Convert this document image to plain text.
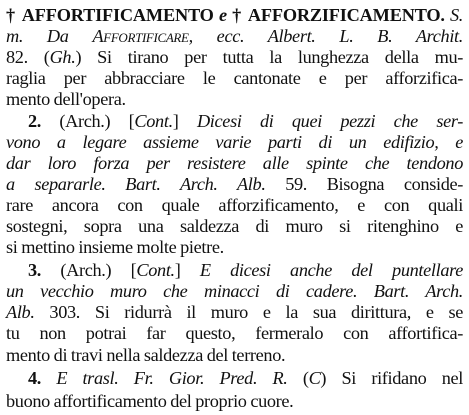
† AFFORTIFICAMENTO e † AFFORZIFICAMENTO. S.
m. Da Affortificare, ecc. Albert. L. B. Archit.
82. (Gh.) Si tirano per tutta la lunghezza della mu-
raglia per abbracciare le cantonate e per afforzifica-
mento dell'opera.
2. (Arch.) [Cont.] Dicesi di quei pezzi che ser-
vono a legare assieme varie parti di un edifizio, e
dar loro forza per resistere alle spinte che tendono
a separarle. Bart. Arch. Alb. 59. Bisogna conside-
rare ancora con quale afforzificamento, e con quali
sostegni, sopra una saldezza di muro si ritenghino e
si mettino insieme molte pietre.
3. (Arch.) [Cont.] E dicesi anche del puntellare
un vecchio muro che minacci di cadere. Bart. Arch.
Alb. 303. Si ridurrà il muro e la sua dirittura, e se
tu non potrai far questo, fermeralo con affortifica-
mento di travi nella saldezza del terreno.
4. E trasl. Fr. Gior. Pred. R. (C) Si rifidano nel
buono affortificamento del proprio cuore.
